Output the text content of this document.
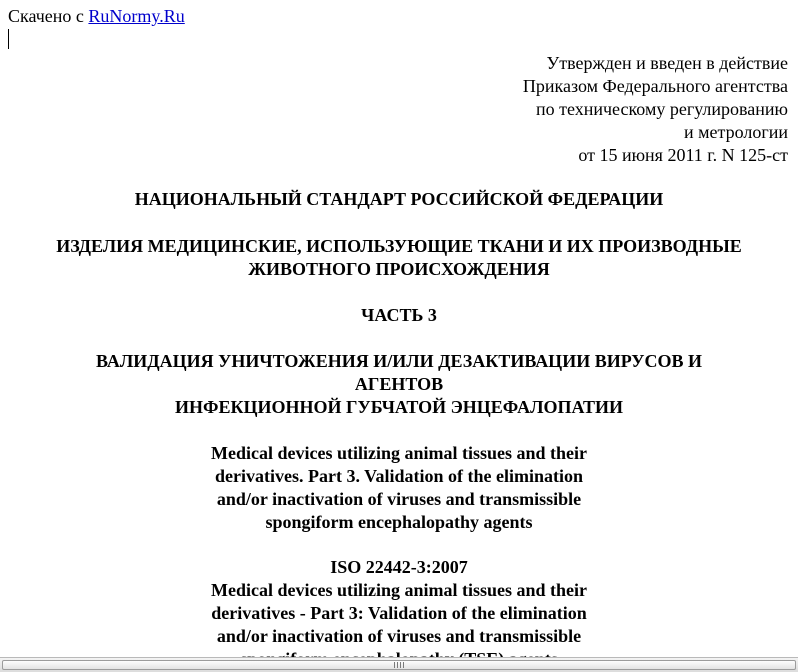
Скачено с RuNormy.Ru
Утвержден и введен в действие
Приказом Федерального агентства
по техническому регулированию
и метрологии
от 15 июня 2011 г. N 125-ст
НАЦИОНАЛЬНЫЙ СТАНДАРТ РОССИЙСКОЙ ФЕДЕРАЦИИ
ИЗДЕЛИЯ МЕДИЦИНСКИЕ, ИСПОЛЬЗУЮЩИЕ ТКАНИ И ИХ ПРОИЗВОДНЫЕ
ЖИВОТНОГО ПРОИСХОЖДЕНИЯ
ЧАСТЬ 3
ВАЛИДАЦИЯ УНИЧТОЖЕНИЯ И/ИЛИ ДЕЗАКТИВАЦИИ ВИРУСОВ И
АГЕНТОВ
ИНФЕКЦИОННОЙ ГУБЧАТОЙ ЭНЦЕФАЛОПАТИИ
Medical devices utilizing animal tissues and their
derivatives. Part 3. Validation of the elimination
and/or inactivation of viruses and transmissible
spongiform encephalopathy agents
ISO 22442-3:2007
Medical devices utilizing animal tissues and their
derivatives - Part 3: Validation of the elimination
and/or inactivation of viruses and transmissible
